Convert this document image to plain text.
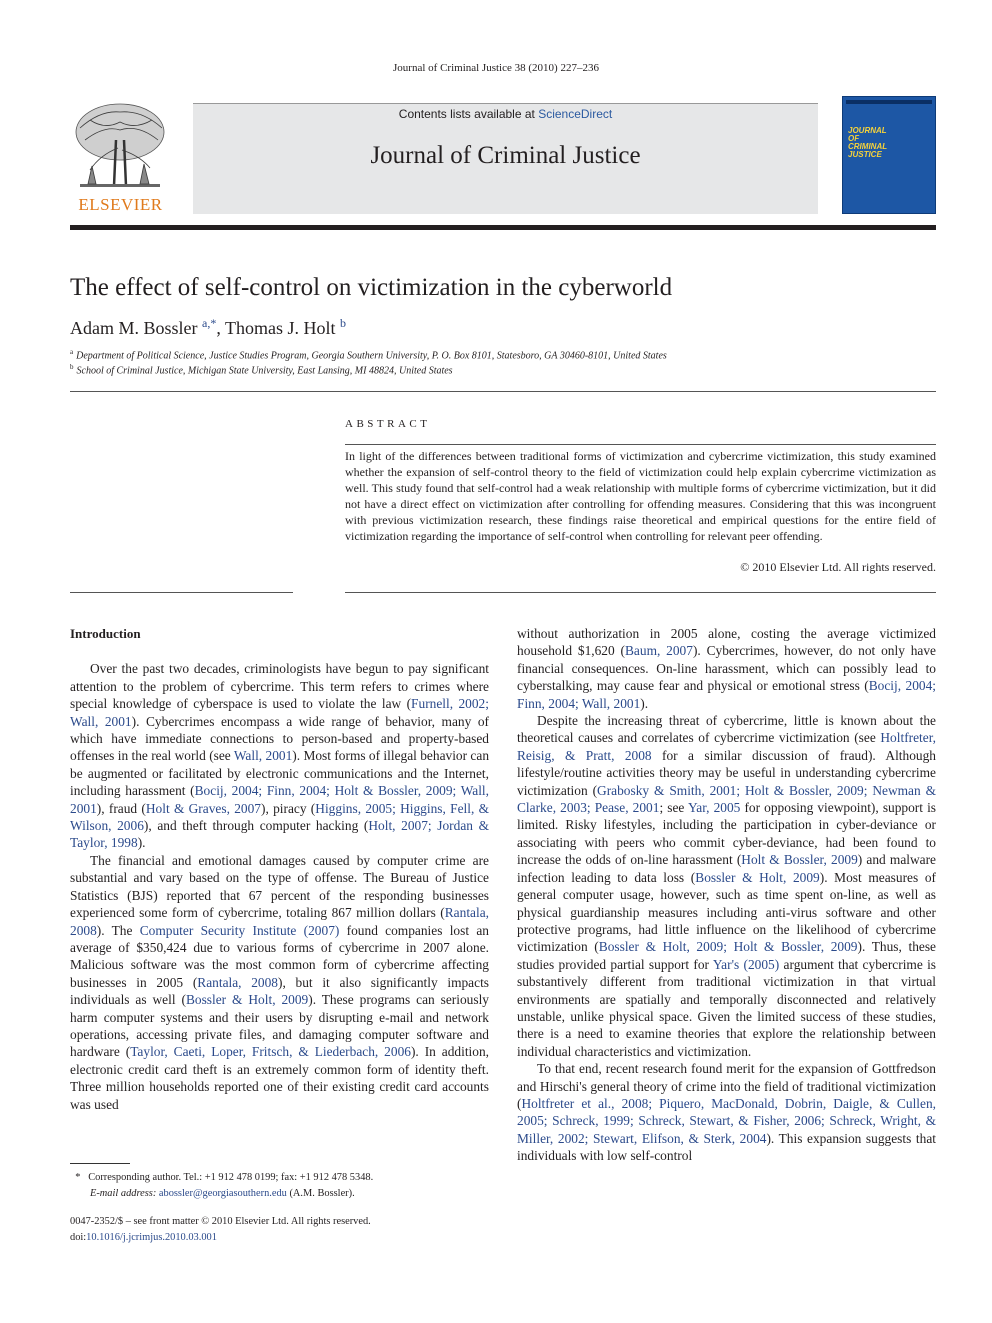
Journal of Criminal Justice 38 (2010) 227–236
ELSEVIER
Contents lists available at ScienceDirect
Journal of Criminal Justice
JOURNAL
OF
CRIMINAL
JUSTICE
The effect of self-control on victimization in the cyberworld
Adam M. Bossler $^{a,*}$, Thomas J. Holt $^b$
$^a$ Department of Political Science, Justice Studies Program, Georgia Southern University, P. O. Box 8101, Statesboro, GA 30460-8101, United States
$^b$ School of Criminal Justice, Michigan State University, East Lansing, MI 48824, United States
ABSTRACT
In light of the differences between traditional forms of victimization and cybercrime victimization, this study examined whether the expansion of self-control theory to the field of victimization could help explain cybercrime victimization as well. This study found that self-control had a weak relationship with multiple forms of cybercrime victimization, but it did not have a direct effect on victimization after controlling for offending measures. Considering that this was incongruent with previous victimization research, these findings raise theoretical and empirical questions for the entire field of victimization regarding the importance of self-control when controlling for relevant peer offending.
© 2010 Elsevier Ltd. All rights reserved.
Introduction

Over the past two decades, criminologists have begun to pay significant attention to the problem of cybercrime. This term refers to crimes where special knowledge of cyberspace is used to violate the law (Furnell, 2002; Wall, 2001). Cybercrimes encompass a wide range of behavior, many of which have immediate connections to person-based and property-based offenses in the real world (see Wall, 2001). Most forms of illegal behavior can be augmented or facilitated by electronic communications and the Internet, including harassment (Bocij, 2004; Finn, 2004; Holt & Bossler, 2009; Wall, 2001), fraud (Holt & Graves, 2007), piracy (Higgins, 2005; Higgins, Fell, & Wilson, 2006), and theft through computer hacking (Holt, 2007; Jordan & Taylor, 1998).

The financial and emotional damages caused by computer crime are substantial and vary based on the type of offense. The Bureau of Justice Statistics (BJS) reported that 67 percent of the responding businesses experienced some form of cybercrime, totaling 867 million dollars (Rantala, 2008). The Computer Security Institute (2007) found companies lost an average of $350,424 due to various forms of cybercrime in 2007 alone. Malicious software was the most common form of cybercrime affecting businesses in 2005 (Rantala, 2008), but it also significantly impacts individuals as well (Bossler & Holt, 2009). These programs can seriously harm computer systems and their users by disrupting e-mail and network operations, accessing private files, and damaging computer software and hardware (Taylor, Caeti, Loper, Fritsch, & Liederbach, 2006). In addition, electronic credit card theft is an extremely common form of identity theft. Three million households reported one of their existing credit card accounts was used

without authorization in 2005 alone, costing the average victimized household $1,620 (Baum, 2007). Cybercrimes, however, do not only have financial consequences. On-line harassment, which can possibly lead to cyberstalking, may cause fear and physical or emotional stress (Bocij, 2004; Finn, 2004; Wall, 2001).

Despite the increasing threat of cybercrime, little is known about the theoretical causes and correlates of cybercrime victimization (see Holtfreter, Reisig, & Pratt, 2008 for a similar discussion of fraud). Although lifestyle/routine activities theory may be useful in understanding cybercrime victimization (Grabosky & Smith, 2001; Holt & Bossler, 2009; Newman & Clarke, 2003; Pease, 2001; see Yar, 2005 for opposing viewpoint), support is limited. Risky lifestyles, including the participation in cyber-deviance or associating with peers who commit cyber-deviance, had been found to increase the odds of on-line harassment (Holt & Bossler, 2009) and malware infection leading to data loss (Bossler & Holt, 2009). Most measures of general computer usage, however, such as time spent on-line, as well as physical guardianship measures including anti-virus software and other protective programs, had little influence on the likelihood of cybercrime victimization (Bossler & Holt, 2009; Holt & Bossler, 2009). Thus, these studies provided partial support for Yar's (2005) argument that cybercrime is substantively different from traditional victimization in that virtual environments are spatially and temporally disconnected and relatively unstable, unlike physical space. Given the limited success of these studies, there is a need to examine theories that explore the relationship between individual characteristics and victimization.

To that end, recent research found merit for the expansion of Gottfredson and Hirschi's general theory of crime into the field of traditional victimization (Holtfreter et al., 2008; Piquero, MacDonald, Dobrin, Daigle, & Cullen, 2005; Schreck, 1999; Schreck, Stewart, & Fisher, 2006; Schreck, Wright, & Miller, 2002; Stewart, Elifson, & Sterk, 2004). This expansion suggests that individuals with low self-control

* Corresponding author. Tel.: +1 912 478 0199; fax: +1 912 478 5348.
E-mail address: abossler@georgiasouthern.edu (A.M. Bossler).
0047-2352/$ – see front matter © 2010 Elsevier Ltd. All rights reserved.
doi:10.1016/j.jcrimjus.2010.03.001
